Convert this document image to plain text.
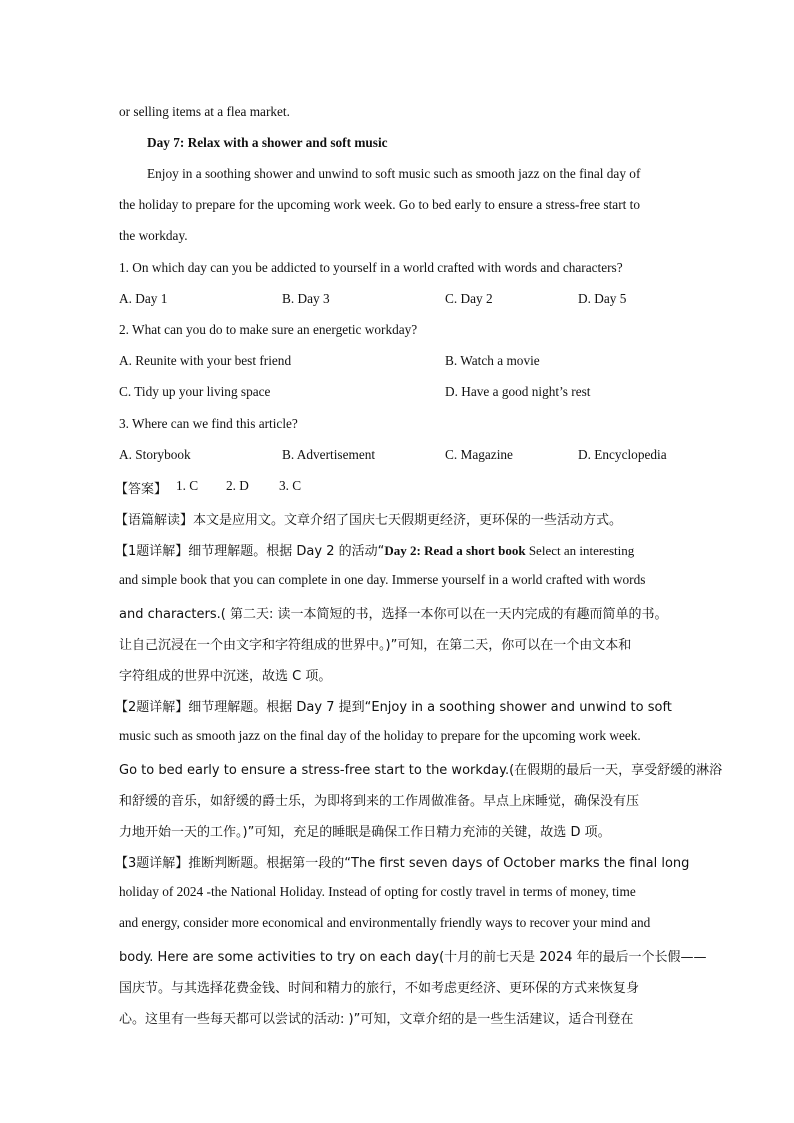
or selling items at a flea market.
Day 7: Relax with a shower and soft music
Enjoy in a soothing shower and unwind to soft music such as smooth jazz on the final day of
the holiday to prepare for the upcoming work week. Go to bed early to ensure a stress-free start to
the workday.
1. On which day can you be addicted to yourself in a world crafted with words and characters?
A. Day 1	B. Day 3	C. Day 2	D. Day 5
2. What can you do to make sure an energetic workday?
A. Reunite with your best friend	B. Watch a movie
C. Tidy up your living space	D. Have a good night’s rest
3. Where can we find this article?
A. Storybook	B. Advertisement	C. Magazine	D. Encyclopedia
【答案】 1. C 2. D 3. C
【语篇解读】本文是应用文。文章介绍了国庆七天假期更经济，更环保的一些活动方式。
【1题详解】细节理解题。根据 Day 2 的活动“Day 2: Read a short book Select an interesting
and simple book that you can complete in one day. Immerse yourself in a world crafted with words
and characters.( 第二天: 读一本简短的书，选择一本你可以在一天内完成的有趣而简单的书。
让自己沉浸在一个由文字和字符组成的世界中。)”可知，在第二天，你可以在一个由文本和
字符组成的世界中沉迷，故选 C 项。
【2题详解】细节理解题。根据 Day 7 提到“Enjoy in a soothing shower and unwind to soft
music such as smooth jazz on the final day of the holiday to prepare for the upcoming work week.
Go to bed early to ensure a stress-free start to the workday.(在假期的最后一天，享受舒缓的淋浴
和舒缓的音乐，如舒缓的爵士乐，为即将到来的工作周做准备。早点上床睡觉，确保没有压
力地开始一天的工作。)”可知，充足的睡眠是确保工作日精力充沛的关键，故选 D 项。
【3题详解】推断判断题。根据第一段的“The first seven days of October marks the final long
holiday of 2024 -the National Holiday. Instead of opting for costly travel in terms of money, time
and energy, consider more economical and environmentally friendly ways to recover your mind and
body. Here are some activities to try on each day(十月的前七天是 2024 年的最后一个长假——
国庆节。与其选择花费金钱、时间和精力的旅行，不如考虑更经济、更环保的方式来恢复身
心。这里有一些每天都可以尝试的活动: )”可知，文章介绍的是一些生活建议，适合刊登在
